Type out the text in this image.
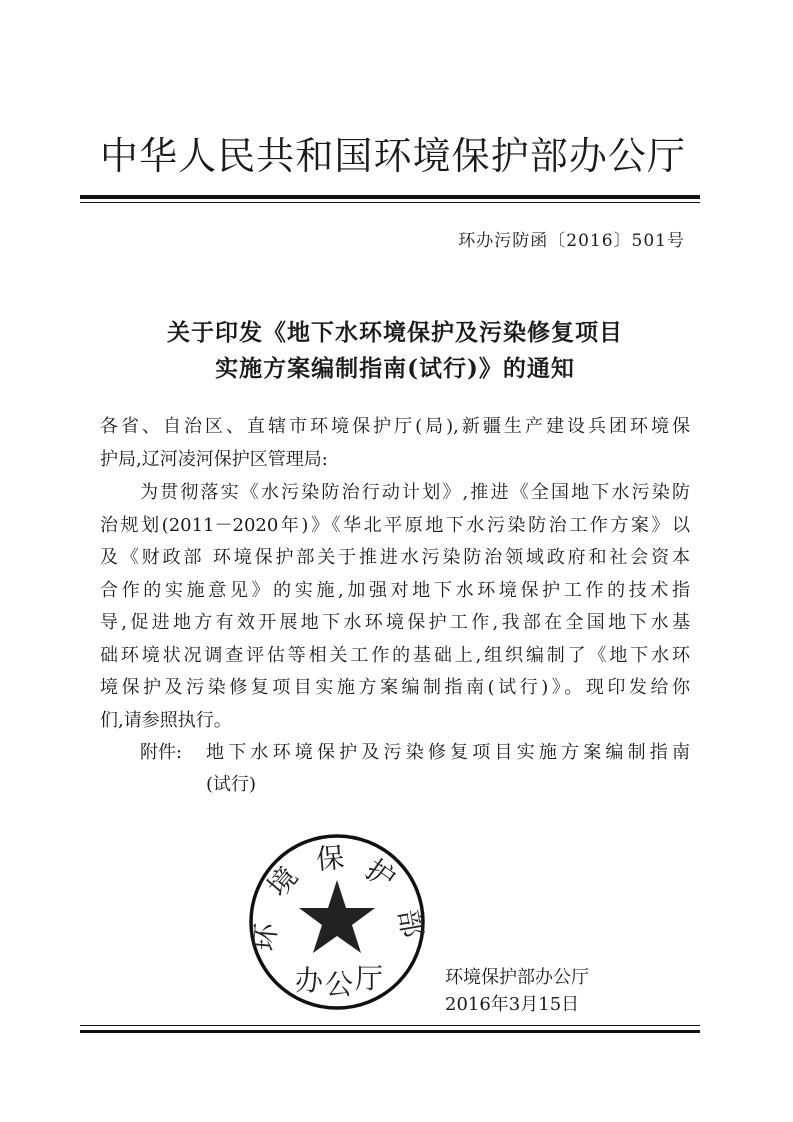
中华人民共和国环境保护部办公厅
环办污防函〔2016〕501号
关于印发《地下水环境保护及污染修复项目
实施方案编制指南(试行)》的通知
各省、自治区、直辖市环境保护厅(局),新疆生产建设兵团环境保
护局,辽河凌河保护区管理局:
为贯彻落实《水污染防治行动计划》,推进《全国地下水污染防
治规划(2011－2020年)》《华北平原地下水污染防治工作方案》以
及《财政部 环境保护部关于推进水污染防治领域政府和社会资本
合作的实施意见》的实施,加强对地下水环境保护工作的技术指
导,促进地方有效开展地下水环境保护工作,我部在全国地下水基
础环境状况调查评估等相关工作的基础上,组织编制了《地下水环
境保护及污染修复项目实施方案编制指南(试行)》。现印发给你
们,请参照执行。
附件:	地下水环境保护及污染修复项目实施方案编制指南
(试行)
环境保护部办公厅
2016年3月15日
环
境
保 护
部
办 公 厅
